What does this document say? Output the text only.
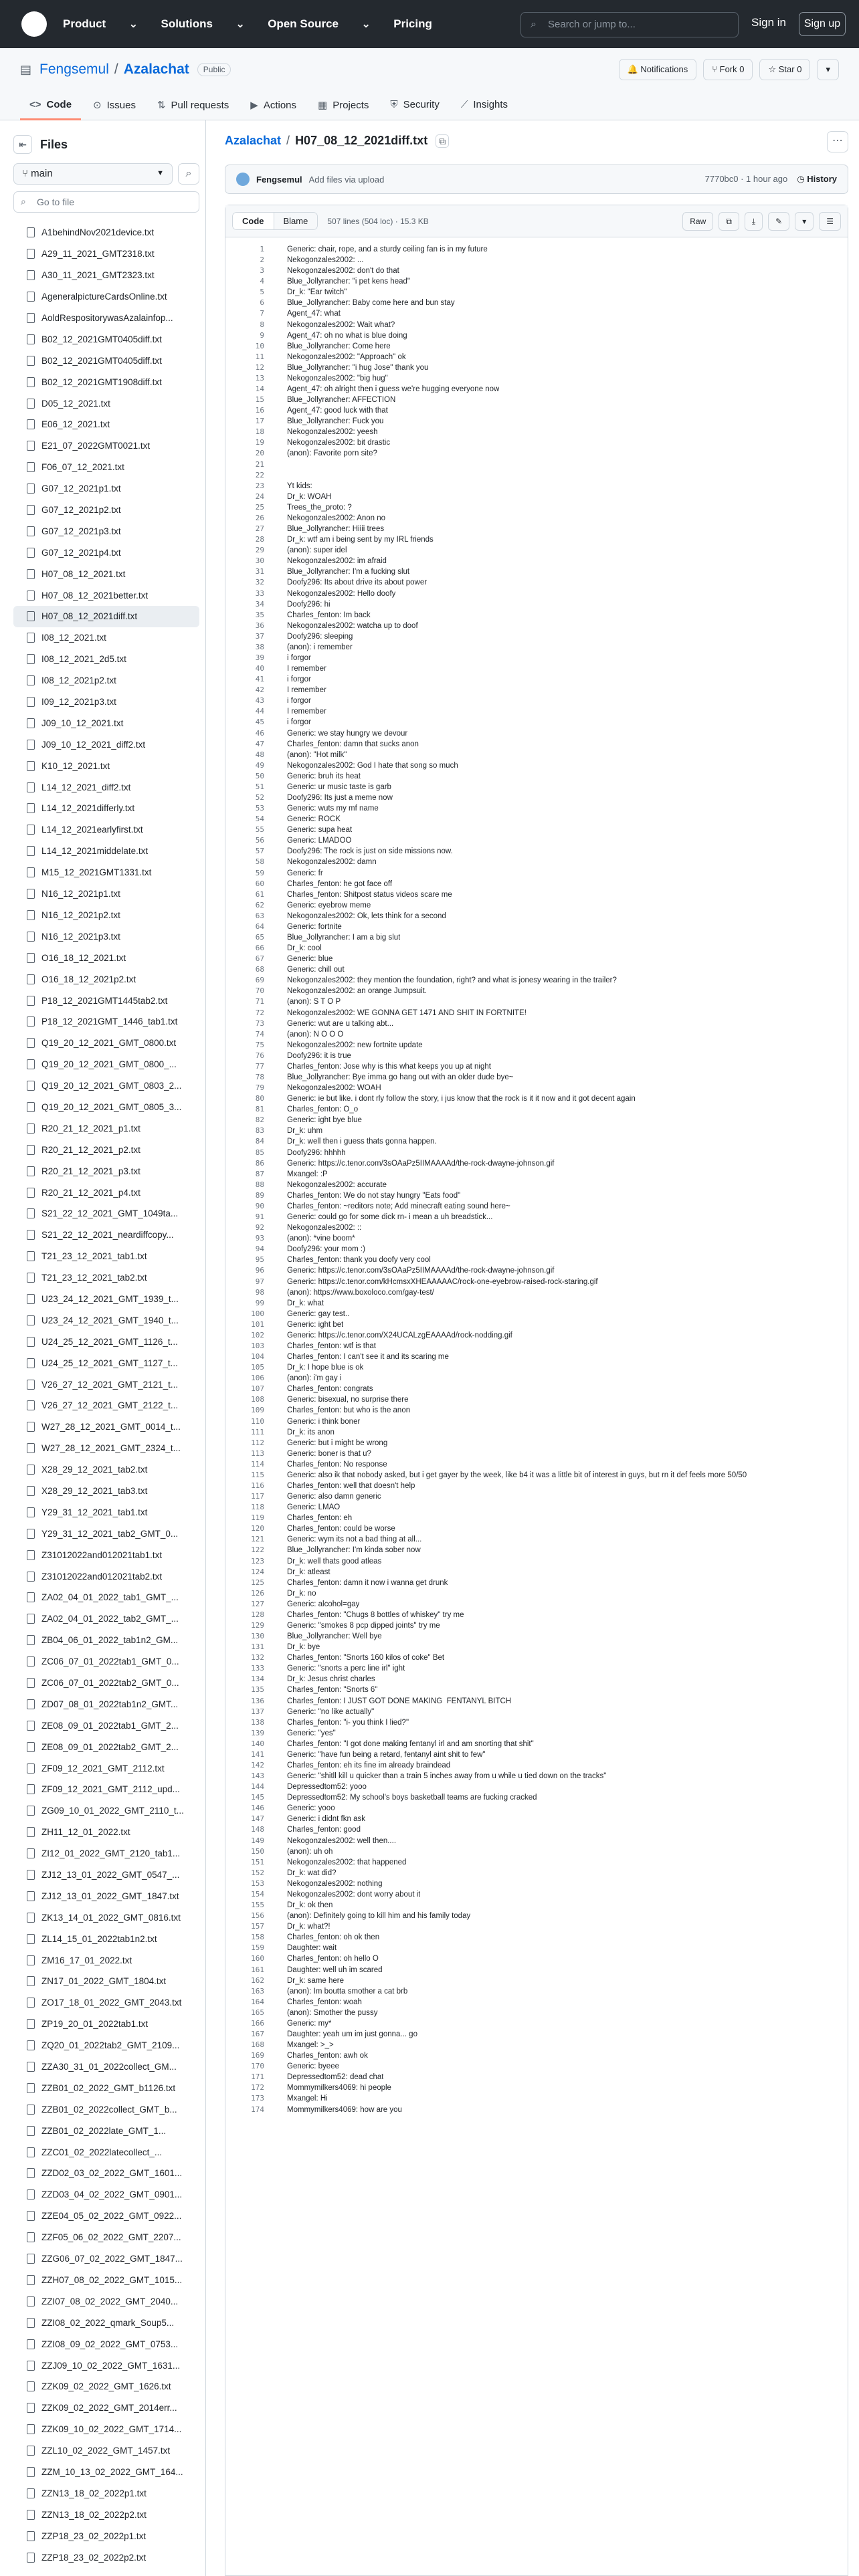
Product ⌄ Solutions ⌄ Open Source ⌄ Pricing	⌕ Search or jump to...	Sign in	Sign up
▤ Fengsemul / Azalachat	Public	🔔 Notifications	⑂ Fork 0	☆ Star 0	▾
<> Code	⊙ Issues	⇅ Pull requests	▶ Actions	▦ Projects	⛨ Security	⟋ Insights
⇤	Files
⑂ main	▼	⌕
⌕ Go to file
A1behindNov2021device.txt
A29_11_2021_GMT2318.txt
A30_11_2021_GMT2323.txt
AgeneralpictureCardsOnline.txt
AoldRespositorywasAzalainfop...
B02_12_2021GMT0405diff.txt
B02_12_2021GMT0405diff.txt
B02_12_2021GMT1908diff.txt
D05_12_2021.txt
E06_12_2021.txt
E21_07_2022GMT0021.txt
F06_07_12_2021.txt
G07_12_2021p1.txt
G07_12_2021p2.txt
G07_12_2021p3.txt
G07_12_2021p4.txt
H07_08_12_2021.txt
H07_08_12_2021better.txt
H07_08_12_2021diff.txt
I08_12_2021.txt
I08_12_2021_2d5.txt
I08_12_2021p2.txt
I09_12_2021p3.txt
J09_10_12_2021.txt
J09_10_12_2021_diff2.txt
K10_12_2021.txt
L14_12_2021_diff2.txt
L14_12_2021differly.txt
L14_12_2021earlyfirst.txt
L14_12_2021middelate.txt
M15_12_2021GMT1331.txt
N16_12_2021p1.txt
N16_12_2021p2.txt
N16_12_2021p3.txt
O16_18_12_2021.txt
O16_18_12_2021p2.txt
P18_12_2021GMT1445tab2.txt
P18_12_2021GMT_1446_tab1.txt
Q19_20_12_2021_GMT_0800.txt
Q19_20_12_2021_GMT_0800_...
Q19_20_12_2021_GMT_0803_2...
Q19_20_12_2021_GMT_0805_3...
R20_21_12_2021_p1.txt
R20_21_12_2021_p2.txt
R20_21_12_2021_p3.txt
R20_21_12_2021_p4.txt
S21_22_12_2021_GMT_1049ta...
S21_22_12_2021_neardiffcopy...
T21_23_12_2021_tab1.txt
T21_23_12_2021_tab2.txt
U23_24_12_2021_GMT_1939_t...
U23_24_12_2021_GMT_1940_t...
U24_25_12_2021_GMT_1126_t...
U24_25_12_2021_GMT_1127_t...
V26_27_12_2021_GMT_2121_t...
V26_27_12_2021_GMT_2122_t...
W27_28_12_2021_GMT_0014_t...
W27_28_12_2021_GMT_2324_t...
X28_29_12_2021_tab2.txt
X28_29_12_2021_tab3.txt
Y29_31_12_2021_tab1.txt
Y29_31_12_2021_tab2_GMT_0...
Z31012022and012021tab1.txt
Z31012022and012021tab2.txt
ZA02_04_01_2022_tab1_GMT_...
ZA02_04_01_2022_tab2_GMT_...
ZB04_06_01_2022_tab1n2_GM...
ZC06_07_01_2022tab1_GMT_0...
ZC06_07_01_2022tab2_GMT_0...
ZD07_08_01_2022tab1n2_GMT...
ZE08_09_01_2022tab1_GMT_2...
ZE08_09_01_2022tab2_GMT_2...
ZF09_12_2021_GMT_2112.txt
ZF09_12_2021_GMT_2112_upd...
ZG09_10_01_2022_GMT_2110_t...
ZH11_12_01_2022.txt
ZI12_01_2022_GMT_2120_tab1...
ZJ12_13_01_2022_GMT_0547_...
ZJ12_13_01_2022_GMT_1847.txt
ZK13_14_01_2022_GMT_0816.txt
ZL14_15_01_2022tab1n2.txt
ZM16_17_01_2022.txt
ZN17_01_2022_GMT_1804.txt
ZO17_18_01_2022_GMT_2043.txt
ZP19_20_01_2022tab1.txt
ZQ20_01_2022tab2_GMT_2109...
ZZA30_31_01_2022collect_GM...
ZZB01_02_2022_GMT_b1126.txt
ZZB01_02_2022collect_GMT_b...
ZZB01_02_2022late_GMT_1...
ZZC01_02_2022latecollect_...
ZZD02_03_02_2022_GMT_1601...
ZZD03_04_02_2022_GMT_0901...
ZZE04_05_02_2022_GMT_0922...
ZZF05_06_02_2022_GMT_2207...
ZZG06_07_02_2022_GMT_1847...
ZZH07_08_02_2022_GMT_1015...
ZZI07_08_02_2022_GMT_2040...
ZZI08_02_2022_qmark_Soup5...
ZZI08_09_02_2022_GMT_0753...
ZZJ09_10_02_2022_GMT_1631...
ZZK09_02_2022_GMT_1626.txt
ZZK09_02_2022_GMT_2014err...
ZZK09_10_02_2022_GMT_1714...
ZZL10_02_2022_GMT_1457.txt
ZZM_10_13_02_2022_GMT_164...
ZZN13_18_02_2022p1.txt
ZZN13_18_02_2022p2.txt
ZZP18_23_02_2022p1.txt
ZZP18_23_02_2022p2.txt
Azalachat / H07_08_12_2021diff.txt	⧉	⋯
Fengsemul Add files via upload	7770bc0 · 1 hour ago ◷ History
Code	Blame	507 lines (504 loc) · 15.3 KB	Raw	⧉	⤓	✎	▾	☰
1	Generic: chair, rope, and a sturdy ceiling fan is in my future
2	Nekogonzales2002: ...
3	Nekogonzales2002: don't do that
4	Blue_Jollyrancher: "i pet kens head"
5	Dr_k: "Ear twitch"
6	Blue_Jollyrancher: Baby come here and bun stay
7	Agent_47: what
8	Nekogonzales2002: Wait what?
9	Agent_47: oh no what is blue doing
10	Blue_Jollyrancher: Come here
11	Nekogonzales2002: "Approach" ok
12	Blue_Jollyrancher: "i hug Jose" thank you
13	Nekogonzales2002: "big hug"
14	Agent_47: oh alright then i guess we're hugging everyone now
15	Blue_Jollyrancher: AFFECTION
16	Agent_47: good luck with that
17	Blue_Jollyrancher: Fuck you
18	Nekogonzales2002: yeesh
19	Nekogonzales2002: bit drastic
20	(anon): Favorite porn site?
21
22
23	Yt kids:
24	Dr_k: WOAH
25	Trees_the_proto: ?
26	Nekogonzales2002: Anon no
27	Blue_Jollyrancher: Hiiii trees
28	Dr_k: wtf am i being sent by my IRL friends
29	(anon): super idel
30	Nekogonzales2002: im afraid
31	Blue_Jollyrancher: I'm a fucking slut
32	Doofy296: Its about drive its about power
33	Nekogonzales2002: Hello doofy
34	Doofy296: hi
35	Charles_fenton: Im back
36	Nekogonzales2002: watcha up to doof
37	Doofy296: sleeping
38	(anon): i remember
39	i forgor
40	I remember
41	i forgor
42	I remember
43	i forgor
44	I remember
45	i forgor
46	Generic: we stay hungry we devour
47	Charles_fenton: damn that sucks anon
48	(anon): "Hot milk"
49	Nekogonzales2002: God I hate that song so much
50	Generic: bruh its heat
51	Generic: ur music taste is garb
52	Doofy296: Its just a meme now
53	Generic: wuts my mf name
54	Generic: ROCK
55	Generic: supa heat
56	Generic: LMADOO
57	Doofy296: The rock is just on side missions now.
58	Nekogonzales2002: damn
59	Generic: fr
60	Charles_fenton: he got face off
61	Charles_fenton: Shitpost status videos scare me
62	Generic: eyebrow meme
63	Nekogonzales2002: Ok, lets think for a second
64	Generic: fortnite
65	Blue_Jollyrancher: I am a big slut
66	Dr_k: cool
67	Generic: blue
68	Generic: chill out
69	Nekogonzales2002: they mention the foundation, right? and what is jonesy wearing in the trailer?
70	Nekogonzales2002: an orange Jumpsuit.
71	(anon): S T O P
72	Nekogonzales2002: WE GONNA GET 1471 AND SHIT IN FORTNITE!
73	Generic: wut are u talking abt...
74	(anon): N O O O
75	Nekogonzales2002: new fortnite update
76	Doofy296: it is true
77	Charles_fenton: Jose why is this what keeps you up at night
78	Blue_Jollyrancher: Bye imma go hang out with an older dude bye~
79	Nekogonzales2002: WOAH
80	Generic: ie but like. i dont rly follow the story, i jus know that the rock is it it now and it got decent again
81	Charles_fenton: O_o
82	Generic: ight bye blue
83	Dr_k: uhm
84	Dr_k: well then i guess thats gonna happen.
85	Doofy296: hhhhh
86	Generic: https://c.tenor.com/3sOAaPz5IIMAAAAd/the-rock-dwayne-johnson.gif
87	Mxangel: :P
88	Nekogonzales2002: accurate
89	Charles_fenton: We do not stay hungry "Eats food"
90	Charles_fenton: ~reditors note; Add minecraft eating sound here~
91	Generic: could go for some dick rn- i mean a uh breadstick...
92	Nekogonzales2002: ::
93	(anon): *vine boom*
94	Doofy296: your mom :)
95	Charles_fenton: thank you doofy very cool
96	Generic: https://c.tenor.com/3sOAaPz5IIMAAAAd/the-rock-dwayne-johnson.gif
97	Generic: https://c.tenor.com/kHcmsxXHEAAAAAC/rock-one-eyebrow-raised-rock-staring.gif
98	(anon): https://www.boxoloco.com/gay-test/
99	Dr_k: what
100	Generic: gay test..
101	Generic: ight bet
102	Generic: https://c.tenor.com/X24UCALzgEAAAAd/rock-nodding.gif
103	Charles_fenton: wtf is that
104	Charles_fenton: I can't see it and its scaring me
105	Dr_k: I hope blue is ok
106	(anon): i'm gay i
107	Charles_fenton: congrats
108	Generic: bisexual, no surprise there
109	Charles_fenton: but who is the anon
110	Generic: i think boner
111	Dr_k: its anon
112	Generic: but i might be wrong
113	Generic: boner is that u?
114	Charles_fenton: No response
115	Generic: also ik that nobody asked, but i get gayer by the week, like b4 it was a little bit of interest in guys, but rn it def feels more 50/50
116	Charles_fenton: well that doesn't help
117	Generic: also damn generic
118	Generic: LMAO
119	Charles_fenton: eh
120	Charles_fenton: could be worse
121	Generic: wym its not a bad thing at all...
122	Blue_Jollyrancher: I'm kinda sober now
123	Dr_k: well thats good atleas
124	Dr_k: atleast
125	Charles_fenton: damn it now i wanna get drunk
126	Dr_k: no
127	Generic: alcohol=gay
128	Charles_fenton: "Chugs 8 bottles of whiskey" try me
129	Generic: "smokes 8 pcp dipped joints" try me
130	Blue_Jollyrancher: Well bye
131	Dr_k: bye
132	Charles_fenton: "Snorts 160 kilos of coke" Bet
133	Generic: "snorts a perc line irl" ight
134	Dr_k: Jesus christ charles
135	Charles_fenton: "Snorts 6"
136	Charles_fenton: I JUST GOT DONE MAKING  FENTANYL BITCH
137	Generic: "no like actually"
138	Charles_fenton: "i- you think I lied?"
139	Generic: "yes"
140	Charles_fenton: "I got done making fentanyl irl and am snorting that shit"
141	Generic: "have fun being a retard, fentanyl aint shit to few"
142	Charles_fenton: eh its fine im already braindead
143	Generic: "shitll kill u quicker than a train 5 inches away from u while u tied down on the tracks"
144	Depressedtom52: yooo
145	Depressedtom52: My school's boys basketball teams are fucking cracked
146	Generic: yooo
147	Generic: i didnt fkn ask
148	Charles_fenton: good
149	Nekogonzales2002: well then....
150	(anon): uh oh
151	Nekogonzales2002: that happened
152	Dr_k: wat did?
153	Nekogonzales2002: nothing
154	Nekogonzales2002: dont worry about it
155	Dr_k: ok then
156	(anon): Definitely going to kill him and his family today
157	Dr_k: what?!
158	Charles_fenton: oh ok then
159	Daughter: wait
160	Charles_fenton: oh hello O
161	Daughter: well uh im scared
162	Dr_k: same here
163	(anon): Im boutta smother a cat brb
164	Charles_fenton: woah
165	(anon): Smother the pussy
166	Generic: my*
167	Daughter: yeah um im just gonna... go
168	Mxangel: >_>
169	Charles_fenton: awh ok
170	Generic: byeee
171	Depressedtom52: dead chat
172	Mommymilkers4069: hi people
173	Mxangel: Hi
174	Mommymilkers4069: how are you
